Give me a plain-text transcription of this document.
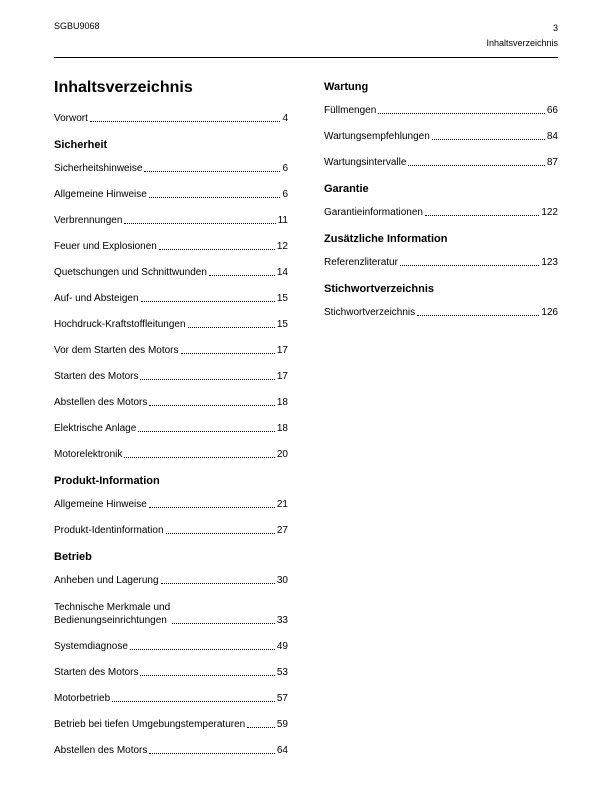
SGBU9068	3
Inhaltsverzeichnis
Inhaltsverzeichnis
Vorwort	4
Sicherheit
Sicherheitshinweise	6
Allgemeine Hinweise	6
Verbrennungen	11
Feuer und Explosionen	12
Quetschungen und Schnittwunden	14
Auf- und Absteigen	15
Hochdruck-Kraftstoffleitungen	15
Vor dem Starten des Motors	17
Starten des Motors	17
Abstellen des Motors	18
Elektrische Anlage	18
Motorelektronik	20
Produkt-Information
Allgemeine Hinweise	21
Produkt-Identinformation	27
Betrieb
Anheben und Lagerung	30
Technische Merkmale und
Bedienungseinrichtungen	33
Systemdiagnose	49
Starten des Motors	53
Motorbetrieb	57
Betrieb bei tiefen Umgebungstemperaturen	59
Abstellen des Motors	64
Wartung
Füllmengen	66
Wartungsempfehlungen	84
Wartungsintervalle	87
Garantie
Garantieinformationen	122
Zusätzliche Information
Referenzliteratur	123
Stichwortverzeichnis
Stichwortverzeichnis	126
